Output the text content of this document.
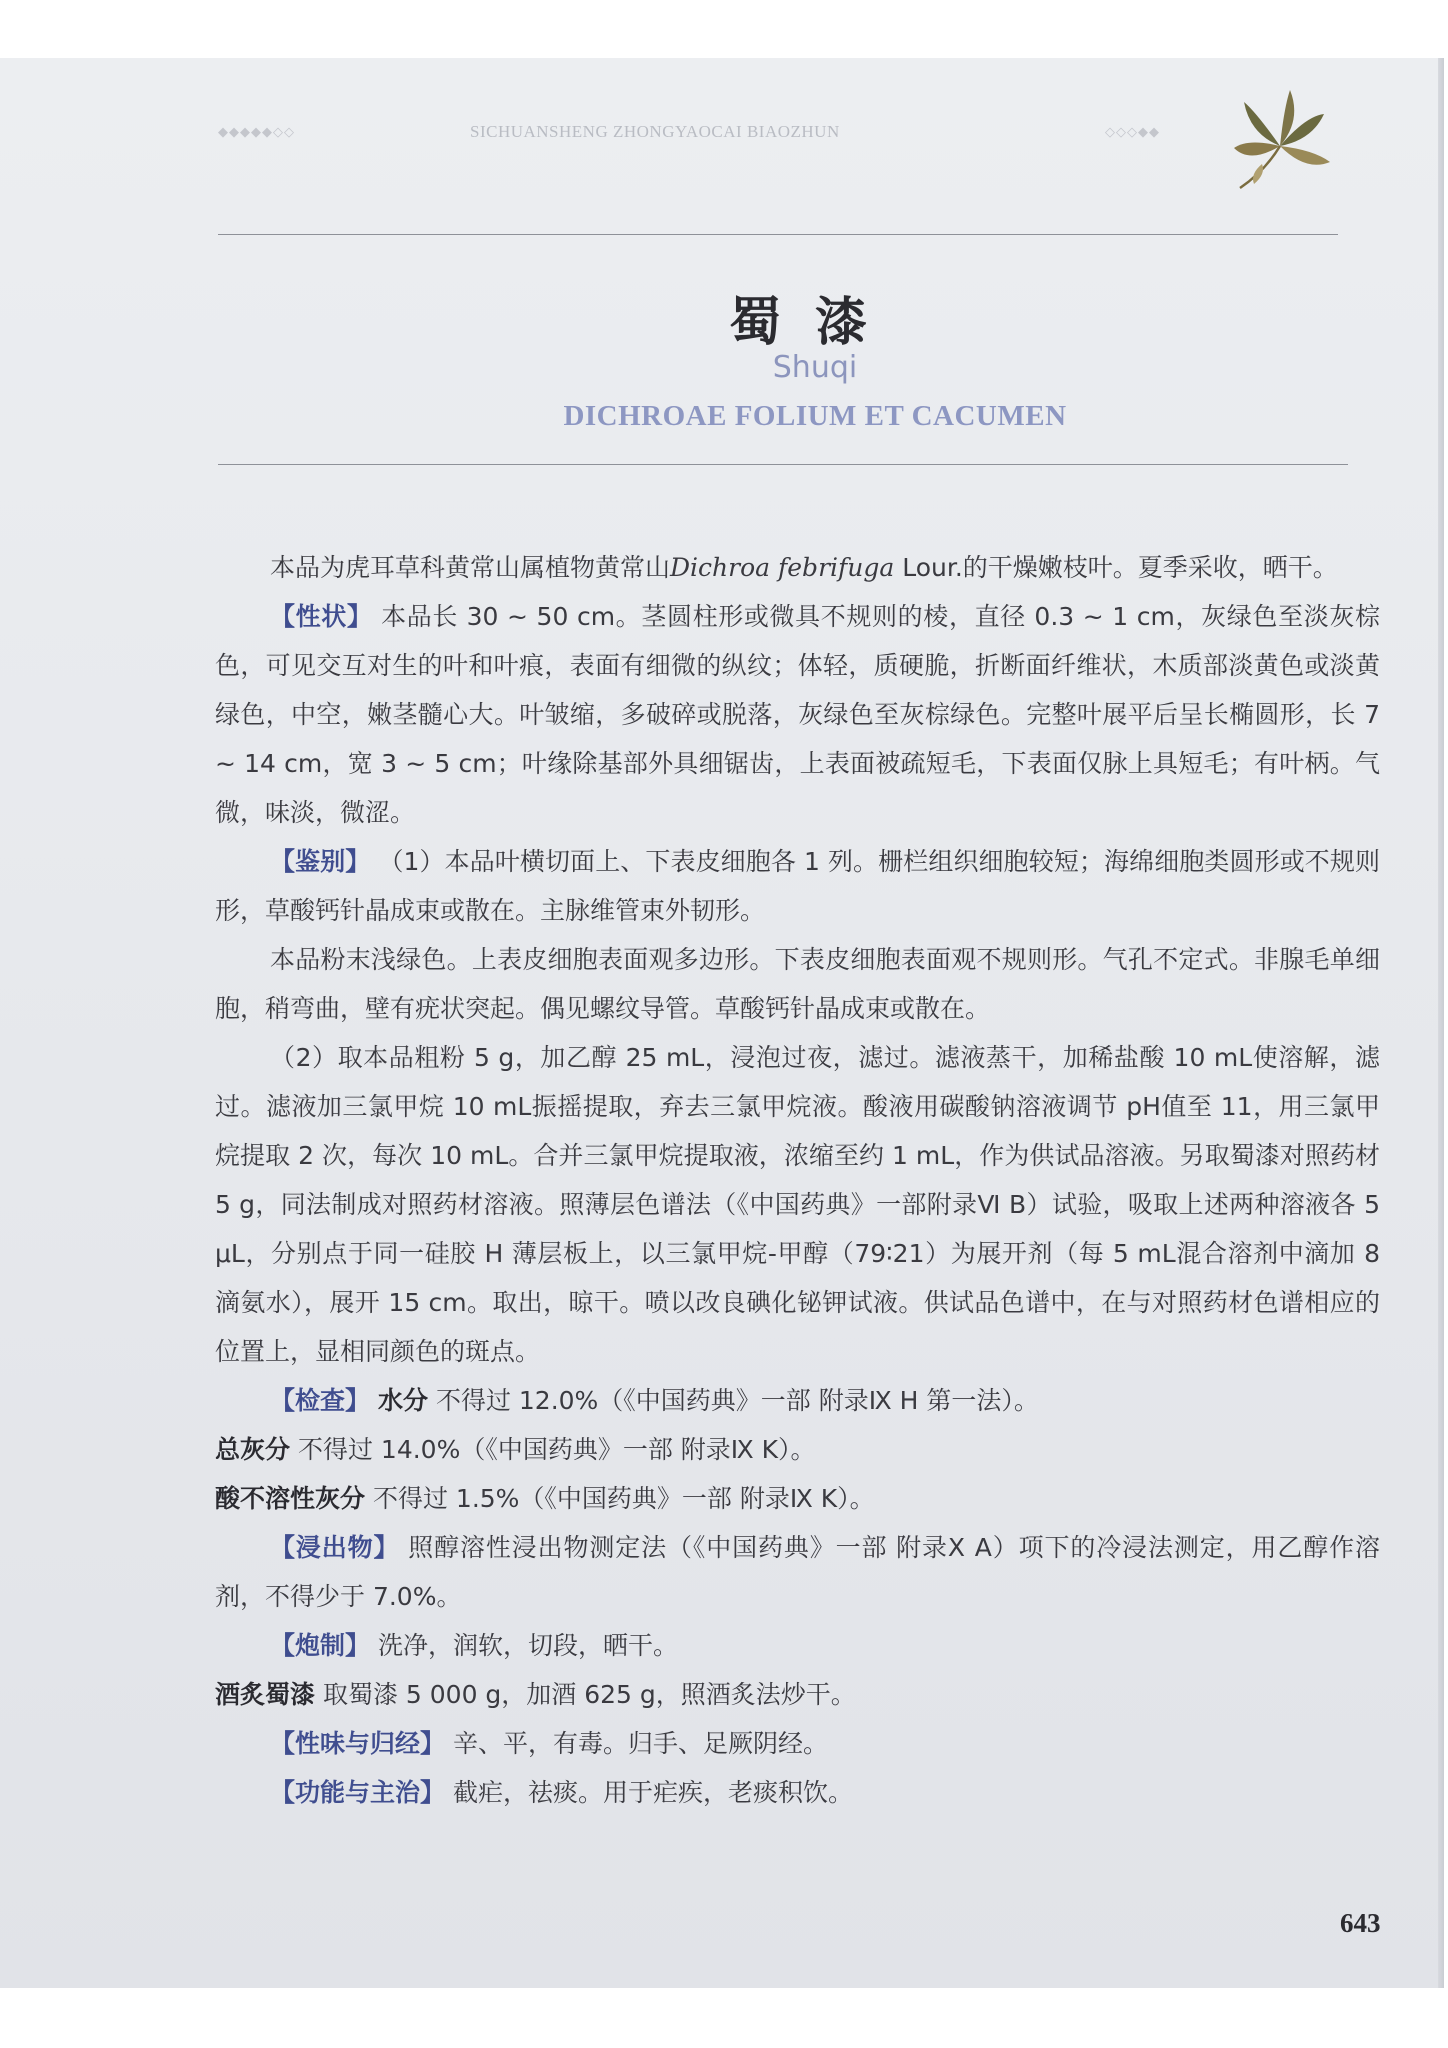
◆◆◆◆◆◇◇	SICHUANSHENG ZHONGYAOCAI BIAOZHUN	◇◇◇◆◆
蜀漆
Shuqi
DICHROAE FOLIUM ET CACUMEN

本品为虎耳草科黄常山属植物黄常山Dichroa febrifuga Lour.的干燥嫩枝叶。夏季采收，晒干。

【性状】 本品长 30 ~ 50 cm。茎圆柱形或微具不规则的棱，直径 0.3 ~ 1 cm，灰绿色至淡灰棕色，可见交互对生的叶和叶痕，表面有细微的纵纹；体轻，质硬脆，折断面纤维状，木质部淡黄色或淡黄绿色，中空，嫩茎髓心大。叶皱缩，多破碎或脱落，灰绿色至灰棕绿色。完整叶展平后呈长椭圆形，长 7 ~ 14 cm，宽 3 ~ 5 cm；叶缘除基部外具细锯齿，上表面被疏短毛，下表面仅脉上具短毛；有叶柄。气微，味淡，微涩。

【鉴别】 （1）本品叶横切面上、下表皮细胞各 1 列。栅栏组织细胞较短；海绵细胞类圆形或不规则形，草酸钙针晶成束或散在。主脉维管束外韧形。

本品粉末浅绿色。上表皮细胞表面观多边形。下表皮细胞表面观不规则形。气孔不定式。非腺毛单细胞，稍弯曲，壁有疣状突起。偶见螺纹导管。草酸钙针晶成束或散在。

（2）取本品粗粉 5 g，加乙醇 25 mL，浸泡过夜，滤过。滤液蒸干，加稀盐酸 10 mL使溶解，滤过。滤液加三氯甲烷 10 mL振摇提取，弃去三氯甲烷液。酸液用碳酸钠溶液调节 pH值至 11，用三氯甲烷提取 2 次，每次 10 mL。合并三氯甲烷提取液，浓缩至约 1 mL，作为供试品溶液。另取蜀漆对照药材 5 g，同法制成对照药材溶液。照薄层色谱法（《中国药典》一部附录Ⅵ B）试验，吸取上述两种溶液各 5 μL，分别点于同一硅胶 H 薄层板上，以三氯甲烷-甲醇（79∶21）为展开剂（每 5 mL混合溶剂中滴加 8 滴氨水），展开 15 cm。取出，晾干。喷以改良碘化铋钾试液。供试品色谱中，在与对照药材色谱相应的位置上，显相同颜色的斑点。

【检查】 水分 不得过 12.0%（《中国药典》一部 附录Ⅸ H 第一法）。

总灰分 不得过 14.0%（《中国药典》一部 附录Ⅸ K）。

酸不溶性灰分 不得过 1.5%（《中国药典》一部 附录Ⅸ K）。

【浸出物】 照醇溶性浸出物测定法（《中国药典》一部 附录Ⅹ A）项下的冷浸法测定，用乙醇作溶剂，不得少于 7.0%。

【炮制】 洗净，润软，切段，晒干。

酒炙蜀漆 取蜀漆 5 000 g，加酒 625 g，照酒炙法炒干。

【性味与归经】 辛、平，有毒。归手、足厥阴经。

【功能与主治】 截疟，祛痰。用于疟疾，老痰积饮。

643
